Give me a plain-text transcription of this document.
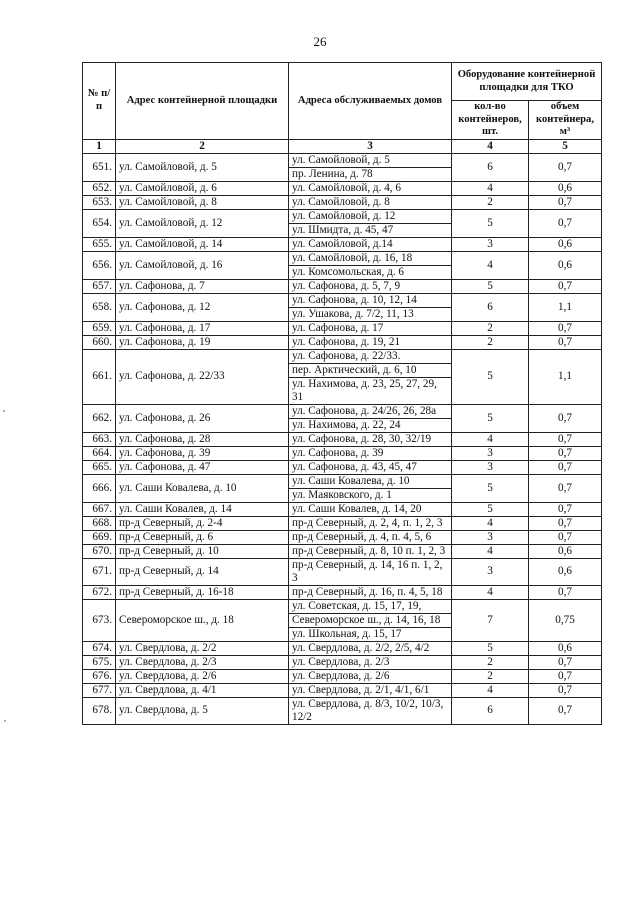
26
№ п/п	Адрес контейнерной площадки	Адреса обслуживаемых домов	Оборудование контейнерной площадки для ТКО	
			кол-во контейнеров, шт.	объем контейнера, м³
1	2	3	4	5
651.	ул. Самойловой, д. 5	ул. Самойловой, д. 5	6	0,7
		пр. Ленина, д. 78		
652.	ул. Самойловой, д. 6	ул. Самойловой, д. 4, 6	4	0,6
653.	ул. Самойловой, д. 8	ул. Самойловой, д. 8	2	0,7
654.	ул. Самойловой, д. 12	ул. Самойловой, д. 12	5	0,7
		ул. Шмидта, д. 45, 47		
655.	ул. Самойловой, д. 14	ул. Самойловой, д.14	3	0,6
656.	ул. Самойловой, д. 16	ул. Самойловой, д. 16, 18	4	0,6
		ул. Комсомольская, д. 6		
657.	ул. Сафонова, д. 7	ул. Сафонова, д. 5, 7, 9	5	0,7
658.	ул. Сафонова, д. 12	ул. Сафонова, д. 10, 12, 14	6	1,1
		ул. Ушакова, д. 7/2, 11, 13		
659.	ул. Сафонова, д. 17	ул. Сафонова, д. 17	2	0,7
660.	ул. Сафонова, д. 19	ул. Сафонова, д. 19, 21	2	0,7
661.	ул. Сафонова, д. 22/33	ул. Сафонова, д. 22/33.	5	1,1
		пер. Арктический, д. 6, 10		
		ул. Нахимова, д. 23, 25, 27, 29, 31		
662.	ул. Сафонова, д. 26	ул. Сафонова, д. 24/26, 26, 28а	5	0,7
		ул. Нахимова, д. 22, 24		
663.	ул. Сафонова, д. 28	ул. Сафонова, д. 28, 30, 32/19	4	0,7
664.	ул. Сафонова, д. 39	ул. Сафонова, д. 39	3	0,7
665.	ул. Сафонова, д. 47	ул. Сафонова, д. 43, 45, 47	3	0,7
666.	ул. Саши Ковалева, д. 10	ул. Саши Ковалева, д. 10	5	0,7
		ул. Маяковского, д. 1		
667.	ул. Саши Ковалев, д. 14	ул. Саши Ковалев, д. 14, 20	5	0,7
668.	пр-д Северный, д. 2-4	пр-д Северный, д. 2, 4, п. 1, 2, 3	4	0,7
669.	пр-д Северный, д. 6	пр-д Северный, д. 4, п. 4, 5, 6	3	0,7
670.	пр-д Северный, д. 10	пр-д Северный, д. 8, 10 п. 1, 2, 3	4	0,6
671.	пр-д Северный, д. 14	пр-д Северный, д. 14, 16 п. 1, 2, 3	3	0,6
672.	пр-д Северный, д. 16-18	пр-д Северный, д. 16, п. 4, 5, 18	4	0,7
673.	Североморское ш., д. 18	ул. Советская, д. 15, 17, 19,	7	0,75
		Североморское ш., д. 14, 16, 18		
		ул. Школьная, д. 15, 17		
674.	ул. Свердлова, д. 2/2	ул. Свердлова, д. 2/2, 2/5, 4/2	5	0,6
675.	ул. Свердлова, д. 2/3	ул. Свердлова, д. 2/3	2	0,7
676.	ул. Свердлова, д. 2/6	ул. Свердлова, д. 2/6	2	0,7
677.	ул. Свердлова, д. 4/1	ул. Свердлова, д. 2/1, 4/1, 6/1	4	0,7
678.	ул. Свердлова, д. 5	ул. Свердлова, д. 8/3, 10/2, 10/3, 12/2	6	0,7
